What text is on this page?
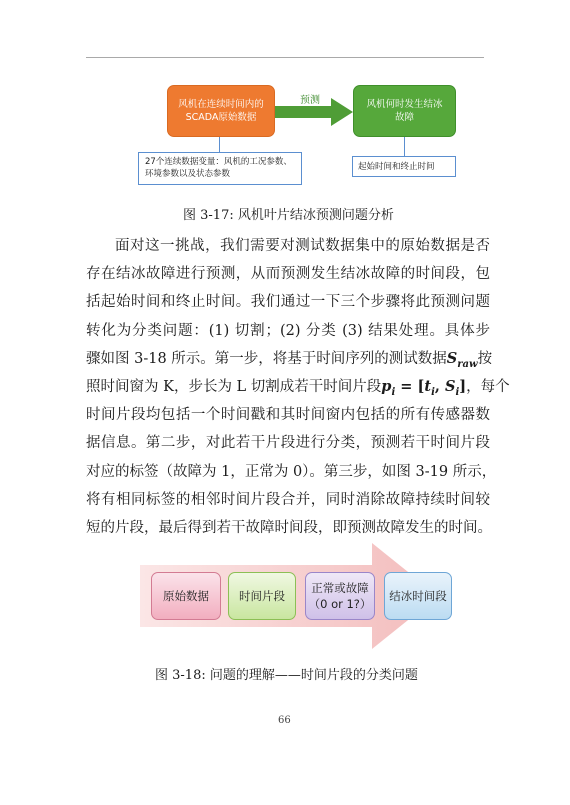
风机在连续时间内的SCADA原始数据
预测	风机何时发生结冰故障
27个连续数据变量：风机的工况参数、环境参数以及状态参数
起始时间和终止时间
图 3-17: 风机叶片结冰预测问题分析
面对这一挑战，我们需要对测试数据集中的原始数据是否
存在结冰故障进行预测，从而预测发生结冰故障的时间段，包
括起始时间和终止时间。我们通过一下三个步骤将此预测问题
转化为分类问题：(1) 切割；(2) 分类 (3) 结果处理。具体步
骤如图 3-18 所示。第一步，将基于时间序列的测试数据$S_{raw}$按
照时间窗为 K，步长为 L 切割成若干时间片段$p_i = [t_i$, $S_i$]，每个
时间片段均包括一个时间戳和其时间窗内包括的所有传感器数
据信息。第二步，对此若干片段进行分类，预测若干时间片段
对应的标签（故障为 1，正常为 0）。第三步，如图 3-19 所示，
将有相同标签的相邻时间片段合并，同时消除故障持续时间较
短的片段，最后得到若干故障时间段，即预测故障发生的时间。
原始数据	时间片段
正常或故障
（0 or 1?）
结冰时间段
图 3-18: 问题的理解——时间片段的分类问题
66
